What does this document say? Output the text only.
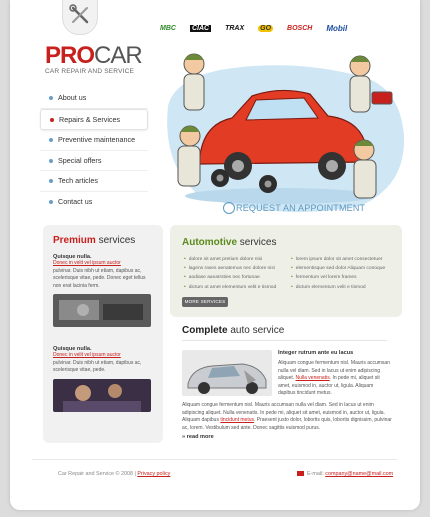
PROCAR
CAR REPAIR AND SERVICE
MBC CIAC TRAX GO BOSCH Mobil
About us
Repairs & Services
Preventive maintenance
Special offers
Tech articles
Contact us
REQUEST AN APPOINTMENT
Premium services
Quisque nulla.
Donec in velit vel ipsum auctor
pulvinar. Duis nibh ut etiam, dapibus ac, scelerisque vitae, pede. Donec eget tellus non erat lacinia ferm.
Quisque nulla.
Donec in velit vel ipsum auctor
pulvinar. Duis nibh ut etiam, dapibus ac, scelerisque vitae, pede.
Automotive services
• dolore sit amet pretium dolore nisi
• lagens rases aenatemus nec dolore nisi
• aodiase aanatrsties nec fortunae
• dictum ut amet elementum velit e tismod
• lorem ipsum dolor sit amet consectetuer
• elementisque sed dolor Aliquam conoque
• fermentum vel lorem frames
• dictum elementum velit e tismod
MORE SERVICES
Complete auto service
Integer rutrum ante eu lacus
Aliquam congue fermentum nisl. Mauris accumsan nulla vel diam. Sed in lacus ut enim adipiscing aliquet. Nulla venenatis. In pede mi, aliquet sit amet, euismod in, auctor ut, ligula. Aliquam dapibus tincidunt metus.
Aliquam congue fermentum nisl. Mauris accumsan nulla vel diam. Sed in lacus ut enim adipiscing aliquet. Nulla venenatis. In pede mi, aliquet sit amet, euismod in, auctor ut, ligula. Aliquam dapibus tincidunt metus. Praesent justo dolor, lobortis quis, lobortis dignissim, pulvinar ac, lorem. Vestibulum sed ante. Donec sagittis euismod purus.
» read more
Car Repair and Service © 2008 | Privacy policy	E-mail: company@name@mail.com
